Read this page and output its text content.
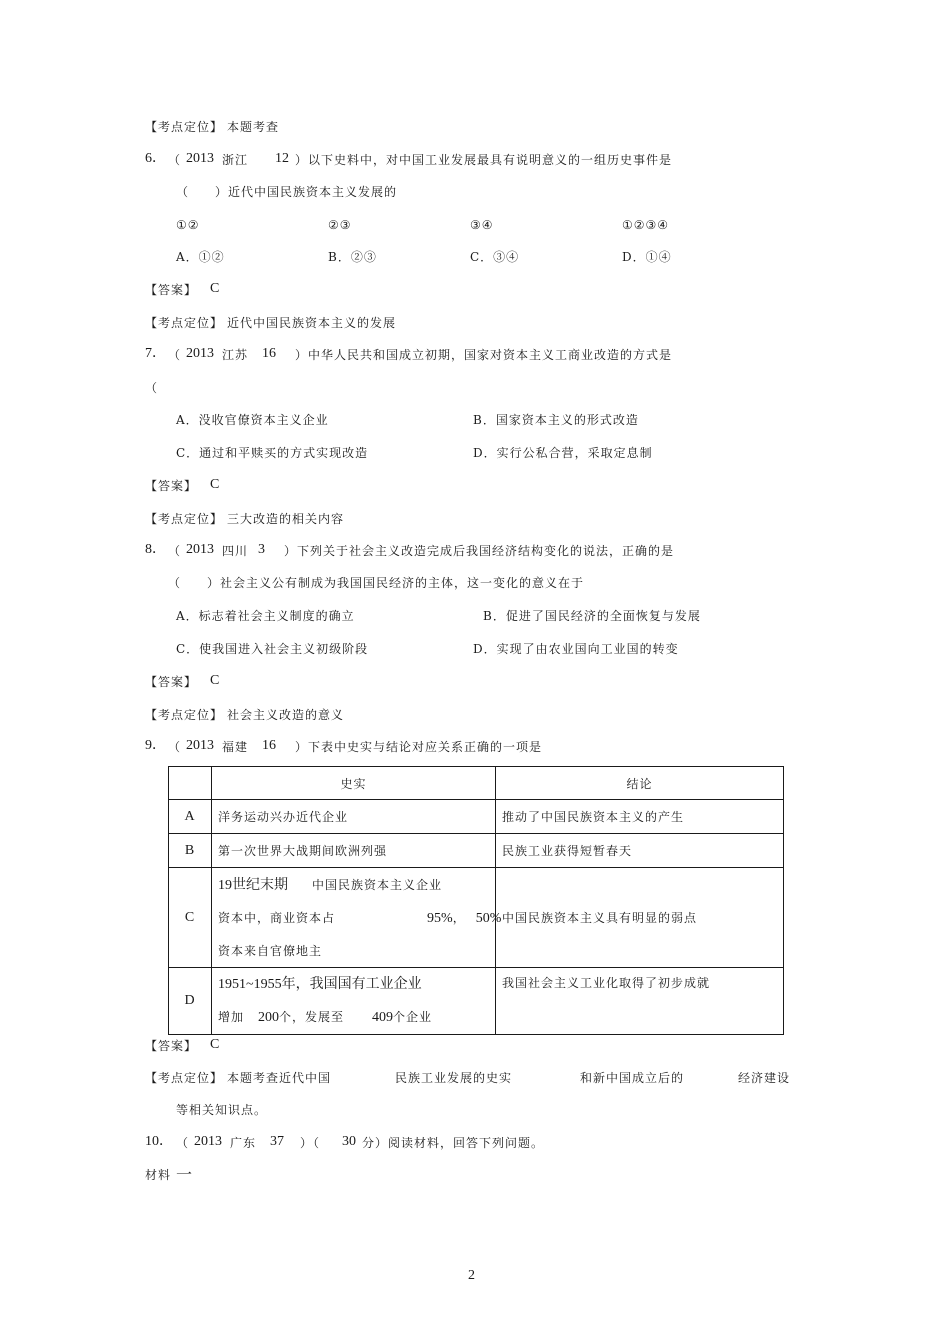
【考点定位】 本题考查
6． （ 2013 浙江 12 ）以下史料中，对中国工业发展最具有说明意义的一组历史事件是
（　　）近代中国民族资本主义发展的
①②	②③	③④	①②③④
A．①②	B．②③	C．③④	D．①④
【答案】 C
【考点定位】 近代中国民族资本主义的发展
7． （ 2013 江苏 16 ）中华人民共和国成立初期，国家对资本主义工商业改造的方式是
（
A．没收官僚资本主义企业	B．国家资本主义的形式改造
C．通过和平赎买的方式实现改造	D．实行公私合营，采取定息制
【答案】 C
【考点定位】 三大改造的相关内容
8． （ 2013 四川 3 ）下列关于社会主义改造完成后我国经济结构变化的说法，正确的是
（　　）社会主义公有制成为我国国民经济的主体，这一变化的意义在于
A．标志着社会主义制度的确立	B．促进了国民经济的全面恢复与发展
C．使我国进入社会主义初级阶段	D．实现了由农业国向工业国的转变
【答案】 C
【考点定位】 社会主义改造的意义
9． （ 2013 福建 16 ）下表中史实与结论对应关系正确的一项是
	史实	结论
A	洋务运动兴办近代企业	推动了中国民族资本主义的产生
B	第一次世界大战期间欧洲列强	民族工业获得短暂春天
C	19世纪末期 中国民族资本主义企业
资本中，商业资本占 95%， 50%
资本来自官僚地主	中国民族资本主义具有明显的弱点
D	1951~1955年，我国国有工业企业
增加 200个，发展至 409个企业	我国社会主义工业化取得了初步成就
【答案】 C
【考点定位】 本题考查近代中国	民族工业发展的史实	和新中国成立后的	经济建设
等相关知识点。
10． （ 2013 广东 37 ）（ 30 分）阅读材料，回答下列问题。
材料 一
2
